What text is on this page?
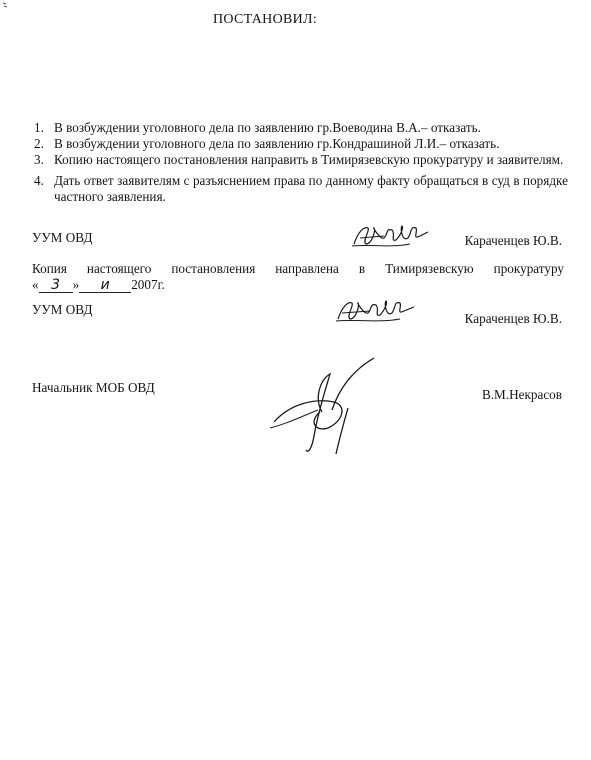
ПОСТАНОВИЛ:
1. В возбуждении уголовного дела по заявлению гр.Воеводина В.А.– отказать.
2. В возбуждении уголовного дела по заявлению гр.Кондрашиной Л.И.– отказать.
3. Копию настоящего постановления направить в Тимирязевскую прокуратуру и заявителям.
4. Дать ответ заявителям с разъяснением права по данному факту обращаться в суд в порядке частного заявления.
УУМ ОВД	Караченцев Ю.В.
Копия настоящего постановления направлена в Тимирязевскую прокуратуру
« 3 » и 2007г.
УУМ ОВД
Караченцев Ю.В.
Начальник МОБ ОВД	В.М.Некрасов
